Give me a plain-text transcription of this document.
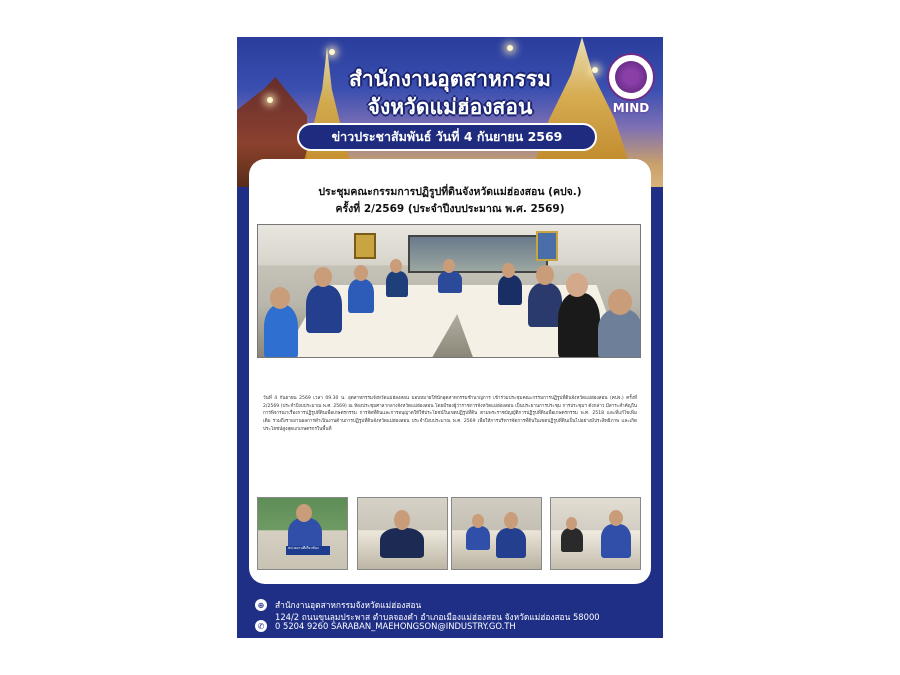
สำนักงานอุตสาหกรรม
จังหวัดแม่ฮ่องสอน	MIND
ข่าวประชาสัมพันธ์ วันที่ 4 กันยายน 2569
ประชุมคณะกรรมการปฏิรูปที่ดินจังหวัดแม่ฮ่องสอน (คปจ.)
ครั้งที่ 2/2569 (ประจำปีงบประมาณ พ.ศ. 2569)
วันที่ 4 กันยายน 2569 เวลา 09.30 น. อุตสาหกรรมจังหวัดแม่ฮ่องสอน มอบหมายให้นักอุตสาหกรรมชำนาญการ เข้าร่วมประชุมคณะกรรมการปฏิรูปที่ดินจังหวัดแม่ฮ่องสอน (คปจ.) ครั้งที่ 2/2569 (ประจำปีงบประมาณ พ.ศ. 2569) ณ ห้องประชุมศาลากลางจังหวัดแม่ฮ่องสอน โดยมีรองผู้ว่าราชการจังหวัดแม่ฮ่องสอน เป็นประธานการประชุม การประชุมฯ ดังกล่าว มีสาระสำคัญในการพิจารณาเรื่องการปฏิรูปที่ดินเพื่อเกษตรกรรม การจัดที่ดินและการอนุญาตให้ใช้ประโยชน์ในเขตปฏิรูปที่ดิน ตามพระราชบัญญัติการปฏิรูปที่ดินเพื่อเกษตรกรรม พ.ศ. 2518 และที่แก้ไขเพิ่มเติม รวมถึงรายงานผลการดำเนินงานด้านการปฏิรูปที่ดินจังหวัดแม่ฮ่องสอน ประจำปีงบประมาณ พ.ศ. 2569 เพื่อให้การบริหารจัดการที่ดินในเขตปฏิรูปที่ดินเป็นไปอย่างมีประสิทธิภาพ และเกิดประโยชน์สูงสุดแก่เกษตรกรในพื้นที่
หน่วยงานที่เกี่ยวข้อง
⊕	สำนักงานอุตสาหกรรมจังหวัดแม่ฮ่องสอน
124/2 ถนนขุนลุมประพาส ตำบลจองคำ อำเภอเมืองแม่ฮ่องสอน จังหวัดแม่ฮ่องสอน 58000
✆	0 5204 9260 SARABAN_MAEHONGSON@INDUSTRY.GO.TH
